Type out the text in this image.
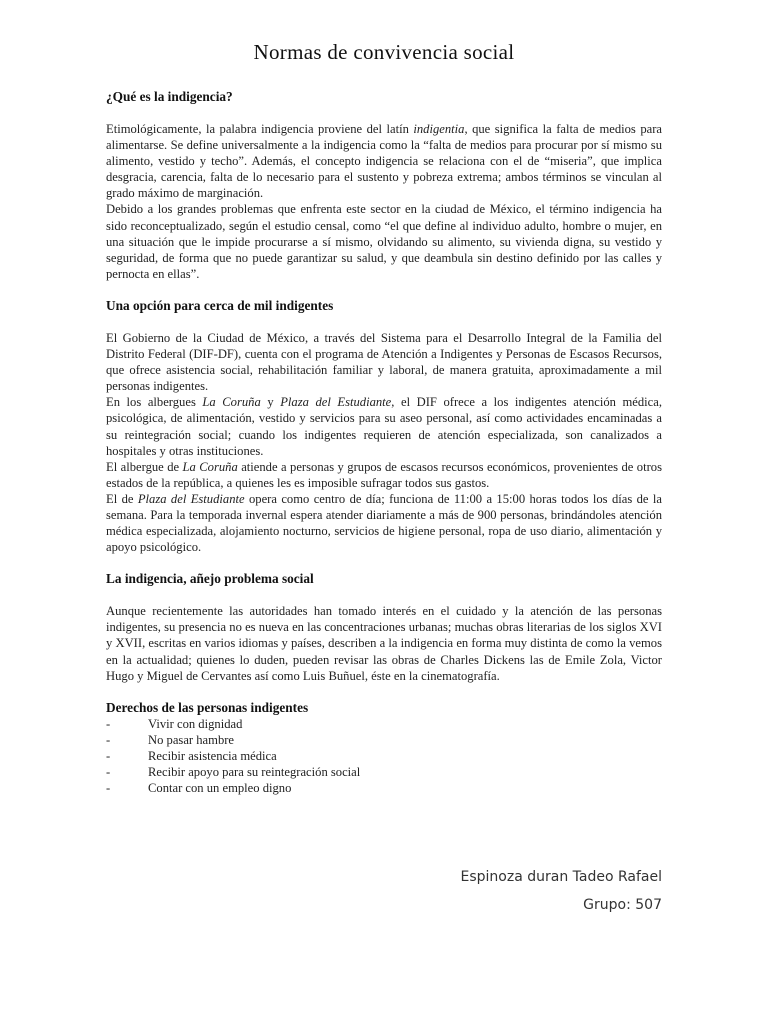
Normas de convivencia social
¿Qué es la indigencia?

Etimológicamente, la palabra indigencia proviene del latín indigentia, que significa la falta de medios para alimentarse. Se define universalmente a la indigencia como la “falta de medios para procurar por sí mismo su alimento, vestido y techo”. Además, el concepto indigencia se relaciona con el de “miseria”, que implica desgracia, carencia, falta de lo necesario para el sustento y pobreza extrema; ambos términos se vinculan al grado máximo de marginación.

Debido a los grandes problemas que enfrenta este sector en la ciudad de México, el término indigencia ha sido reconceptualizado, según el estudio censal, como “el que define al individuo adulto, hombre o mujer, en una situación que le impide procurarse a sí mismo, olvidando su alimento, su vivienda digna, su vestido y seguridad, de forma que no puede garantizar su salud, y que deambula sin destino definido por las calles y pernocta en ellas”.

Una opción para cerca de mil indigentes

El Gobierno de la Ciudad de México, a través del Sistema para el Desarrollo Integral de la Familia del Distrito Federal (DIF-DF), cuenta con el programa de Atención a Indigentes y Personas de Escasos Recursos, que ofrece asistencia social, rehabilitación familiar y laboral, de manera gratuita, aproximadamente a mil personas indigentes.

En los albergues La Coruña y Plaza del Estudiante, el DIF ofrece a los indigentes atención médica, psicológica, de alimentación, vestido y servicios para su aseo personal, así como actividades encaminadas a su reintegración social; cuando los indigentes requieren de atención especializada, son canalizados a hospitales y otras instituciones.

El albergue de La Coruña atiende a personas y grupos de escasos recursos económicos, provenientes de otros estados de la república, a quienes les es imposible sufragar todos sus gastos.

El de Plaza del Estudiante opera como centro de día; funciona de 11:00 a 15:00 horas todos los días de la semana. Para la temporada invernal espera atender diariamente a más de 900 personas, brindándoles atención médica especializada, alojamiento nocturno, servicios de higiene personal, ropa de uso diario, alimentación y apoyo psicológico.

La indigencia, añejo problema social

Aunque recientemente las autoridades han tomado interés en el cuidado y la atención de las personas indigentes, su presencia no es nueva en las concentraciones urbanas; muchas obras literarias de los siglos XVI y XVII, escritas en varios idiomas y países, describen a la indigencia en forma muy distinta de como la vemos en la actualidad; quienes lo duden, pueden revisar las obras de Charles Dickens las de Emile Zola, Victor Hugo y Miguel de Cervantes así como Luis Buñuel, éste en la cinematografía.

Derechos de las personas indigentes
-	Vivir con dignidad
-	No pasar hambre
-	Recibir asistencia médica
-	Recibir apoyo para su reintegración social
-	Contar con un empleo digno
Espinoza duran Tadeo Rafael
Grupo: 507
